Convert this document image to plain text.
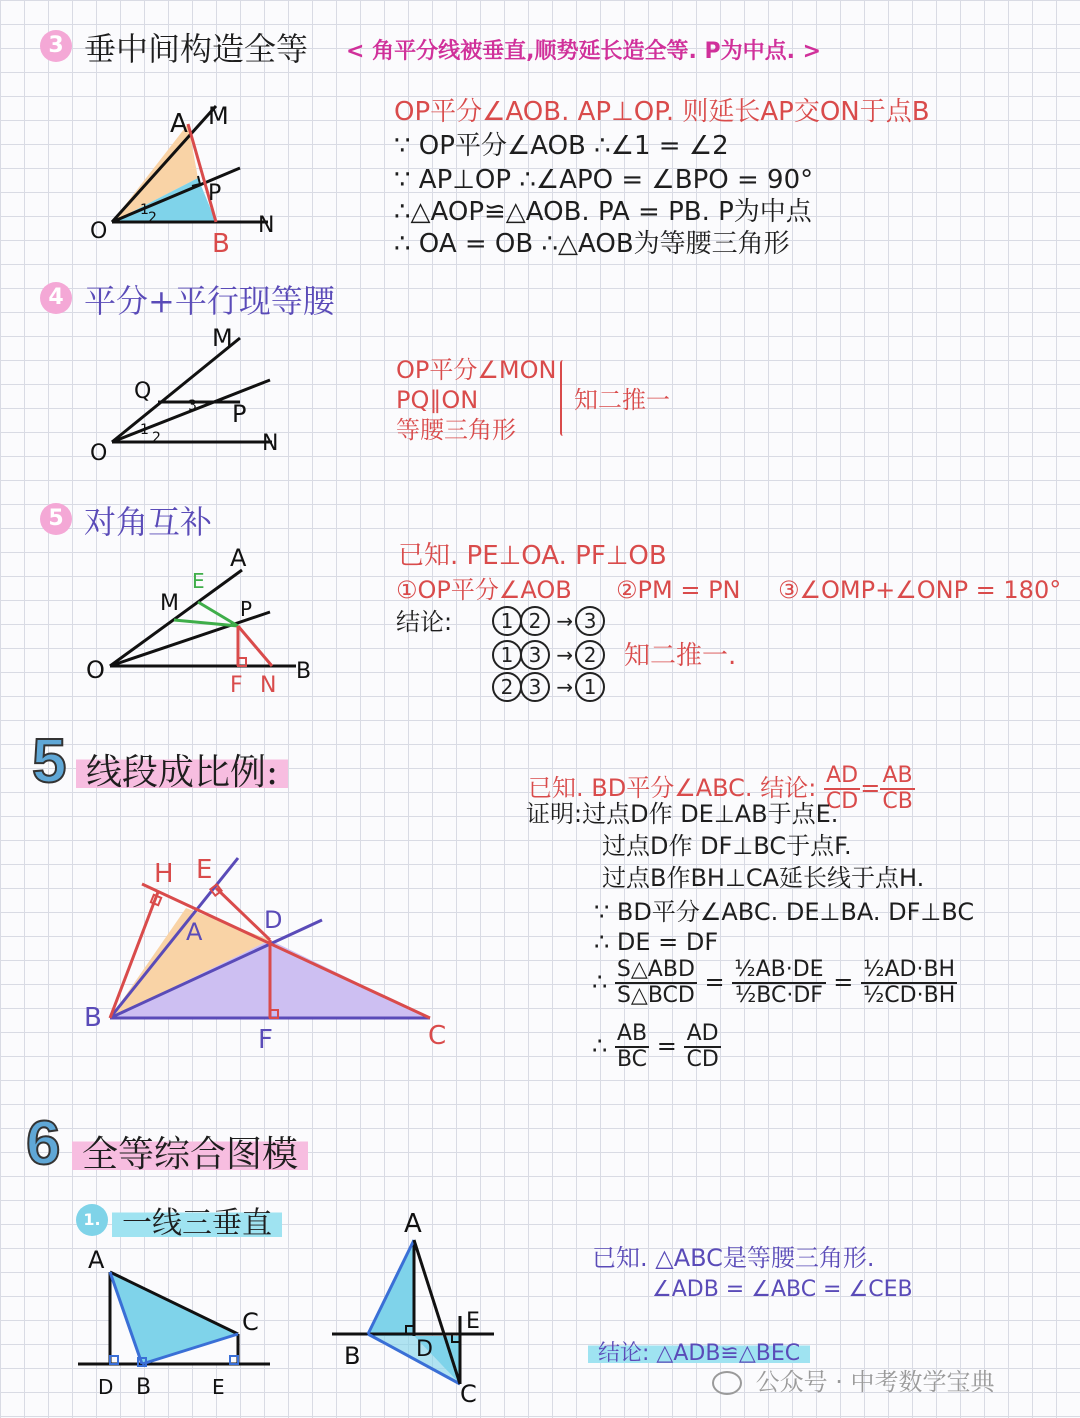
3 垂中间构造全等 < 角平分线被垂直,顺势延长造全等. P为中点. >
A M
O	N
P
B
1 2
OP平分∠AOB. AP⊥OP. 则延长AP交ON于点B
∵ OP平分∠AOB ∴∠1 = ∠2
∵ AP⊥OP ∴∠APO = ∠BPO = 90°
∴△AOP≌△AOB. PA = PB. P为中点
∴ OA = OB ∴△AOB为等腰三角形
4 平分+平行现等腰
M
Q
P
O	N
1 2
3
OP平分∠MON
PQ∥ON
等腰三角形
知二推一
5 对角互补
A
E
M	P
O	B
F N
已知. PE⊥OA. PF⊥OB
①OP平分∠AOB ②PM = PN ③∠OMP+∠ONP = 180°
结论:	1 2 → 3
1 3 → 2
2 3 → 1
知二推一.
5 线段成比例:
H E
A	D
B
F	C
已知. BD平分∠ABC. 结论: $\frac{AD}{CD} = \frac{AB}{CB}$
证明:过点D作 DE⊥AB于点E.
过点D作 DF⊥BC于点F.
过点B作BH⊥CA延长线于点H.
∵ BD平分∠ABC. DE⊥BA. DF⊥BC
∴ DE = DF
∴ $\frac{\text{S△ABD}}{\text{S△BCD}} = \frac{\text{½AB·DE}}{\text{½BC·DF}} = \frac{\text{½AD·BH}}{\text{½CD·BH}}$
∴ $\frac{AB}{BC} = \frac{AD}{CD}$
6 全等综合图模
1. 一线三垂直
A
C
D B	E
A
E
B	D
C
已知. △ABC是等腰三角形.
∠ADB = ∠ABC = ∠CEB
结论: △ADB≌△BEC
公众号 · 中考数学宝典
